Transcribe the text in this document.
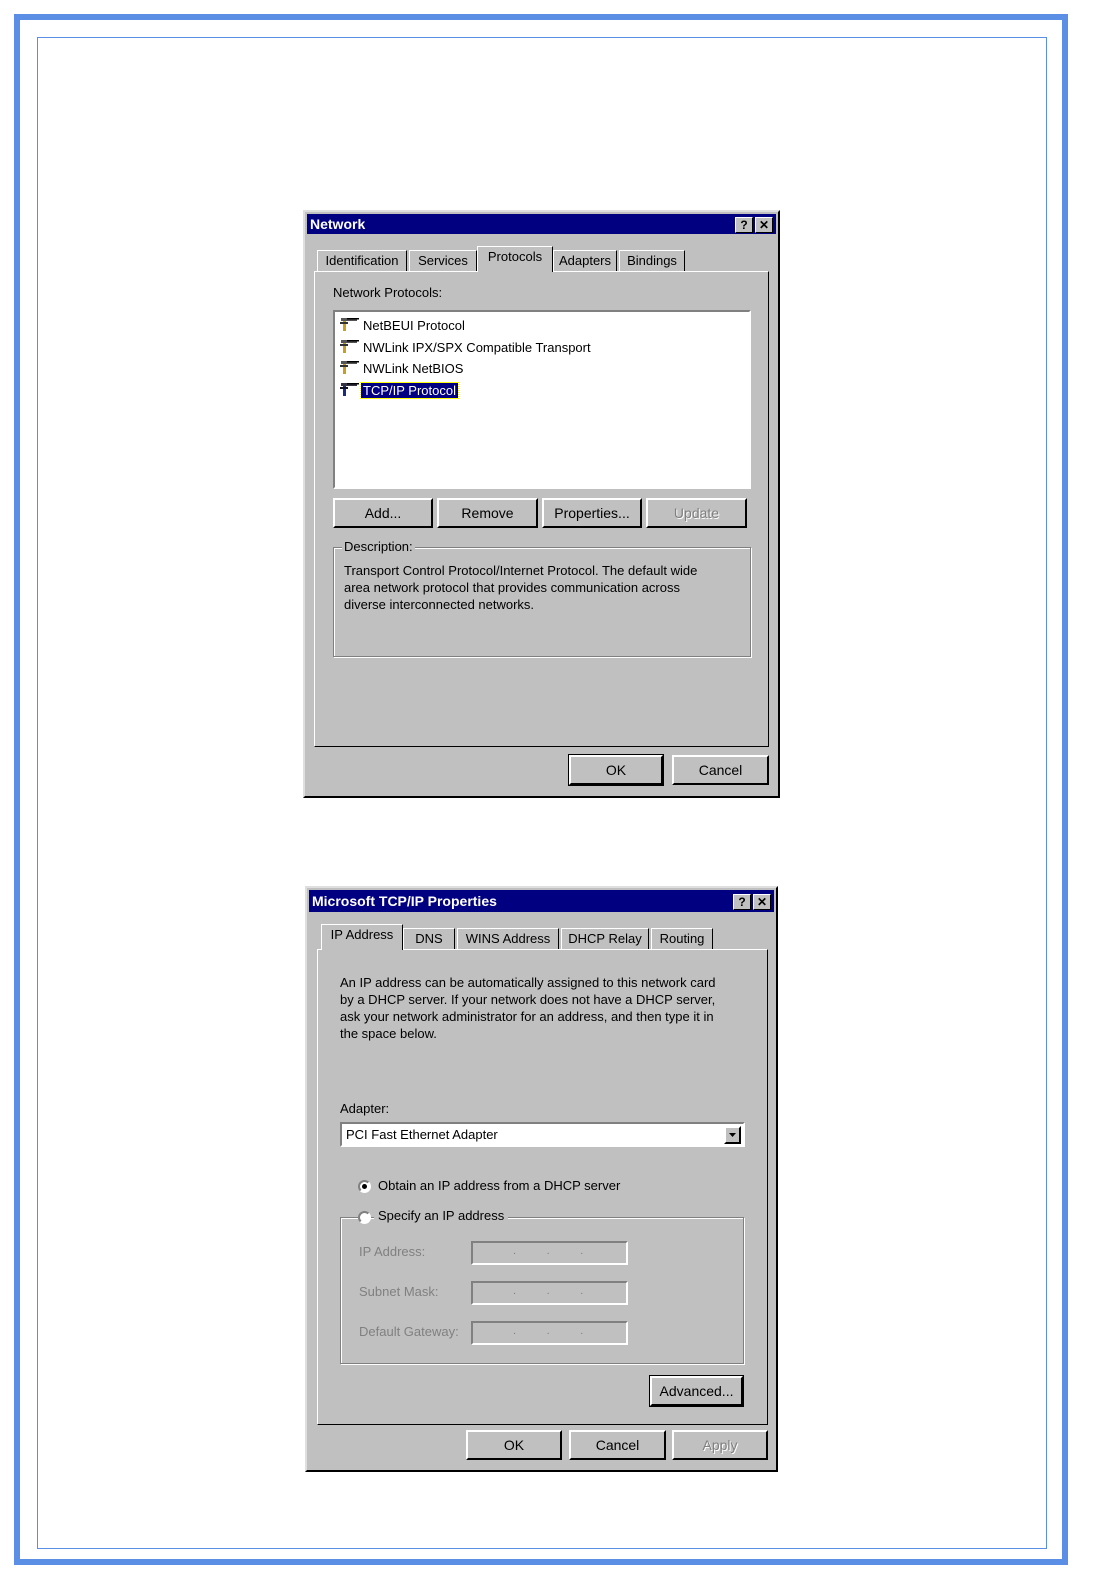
Network	? ✕
Identification	Services	Protocols	Adapters	Bindings
Network Protocols:
NetBEUI Protocol
NWLink IPX/SPX Compatible Transport
NWLink NetBIOS
TCP/IP Protocol
Add...	Remove	Properties...	Update
Description:
Transport Control Protocol/Internet Protocol. The default wide
area network protocol that provides communication across
diverse interconnected networks.
OK	Cancel
Microsoft TCP/IP Properties	? ✕
IP Address	DNS	WINS Address	DHCP Relay	Routing
An IP address can be automatically assigned to this network card
by a DHCP server. If your network does not have a DHCP server,
ask your network administrator for an address, and then type it in
the space below.
Adapter:
PCI Fast Ethernet Adapter
Obtain an IP address from a DHCP server
Specify an IP address
IP Address:	.          .          .
Subnet Mask:	.          .          .
Default Gateway:	.          .          .
Advanced...
OK	Cancel	Apply
